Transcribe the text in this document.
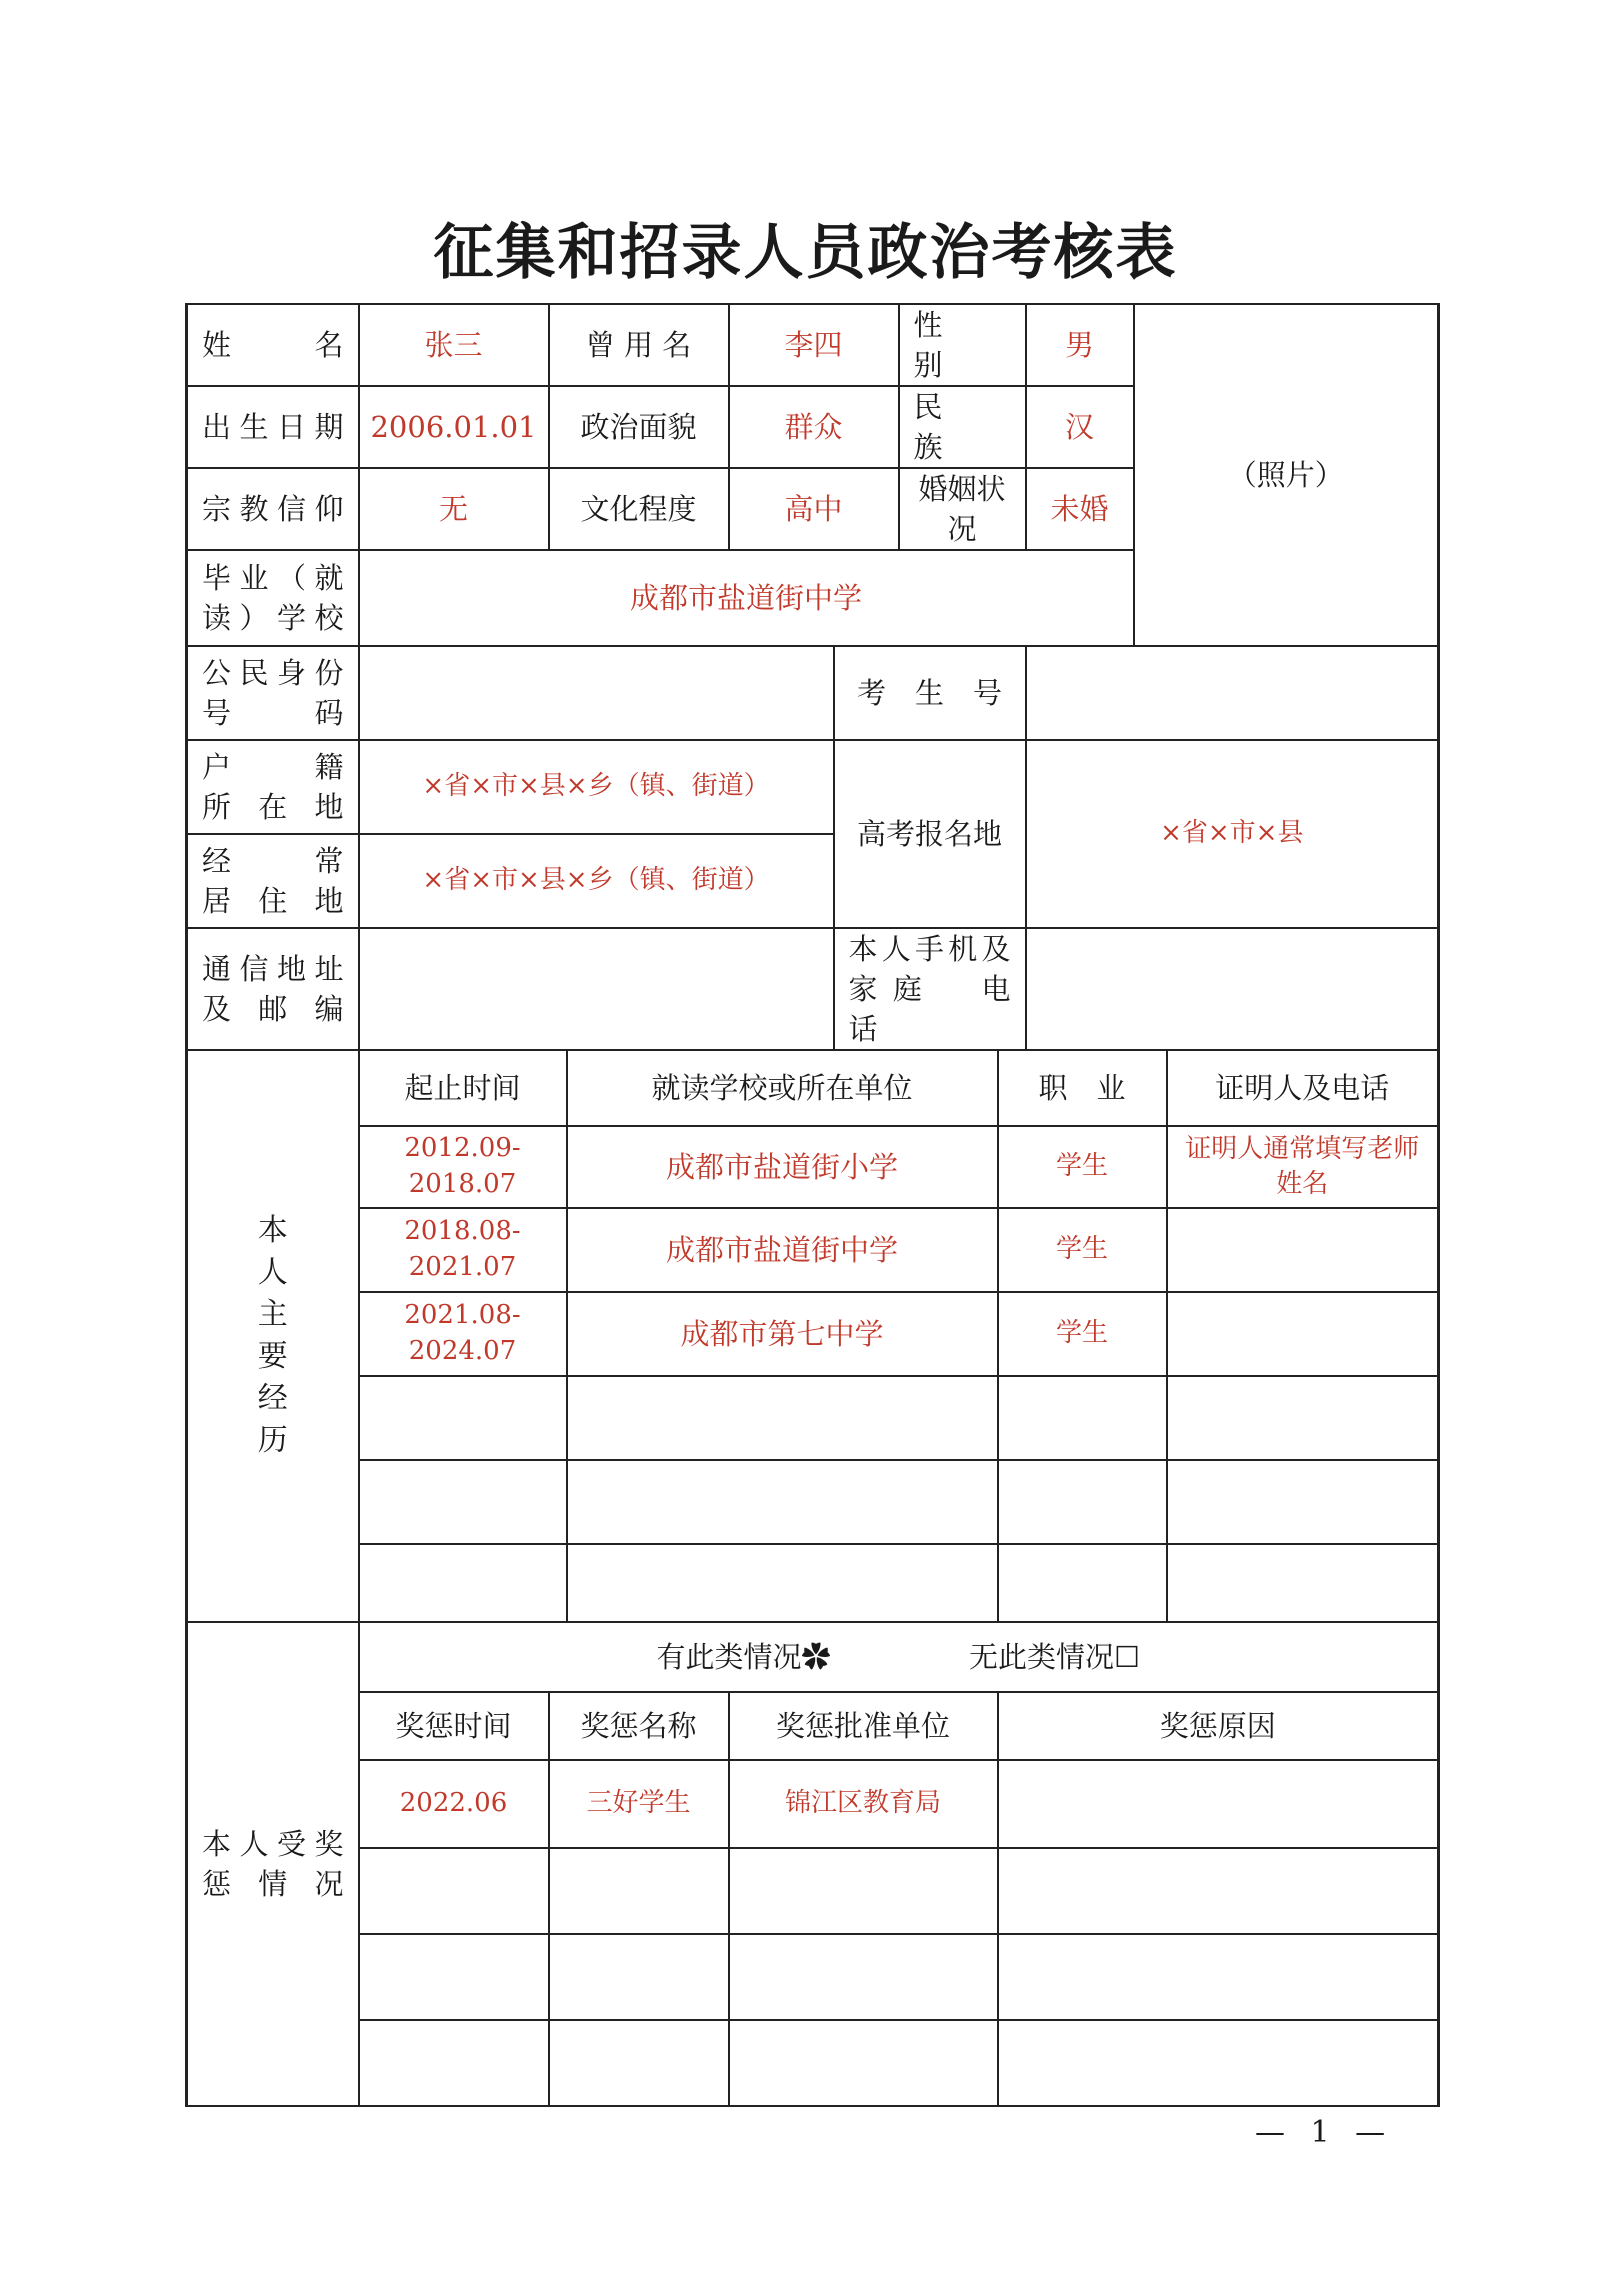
征集和招录人员政治考核表
姓　　名	张三	曾 用 名		李四		性　　别		男	（照片）	

出生日期	2006.01.01	政治面貌		群众		民　　族		汉		

宗教信仰	无	文化程度		高中		婚姻状况		未婚		

毕业（就读）学校	成都市盐道街中学									

公民身份号　　码					考　生　号					

户　　籍所 在 地	×省×市×县×乡（镇、街道）				高考报名地			×省×市×县		

经　　常居 住 地	×省×市×县×乡（镇、街道）									

通信地址及 邮 编					本人手机及家庭　电　话					

本人主要经历	起止时间		就读学校或所在单位				职　业			证明人及电话
	2012.09-2018.07		成都市盐道街小学				学生			证明人通常填写老师姓名
	2018.08-2021.07		成都市盐道街中学				学生			
	2021.08-2024.07		成都市第七中学				学生			

本人受奖惩 情 况	有此类情况✿ 无此类情况☐									
	奖惩时间	奖惩名称		奖惩批准单位			奖惩原因			
	2022.06	三好学生		锦江区教育局						

— 1 —
